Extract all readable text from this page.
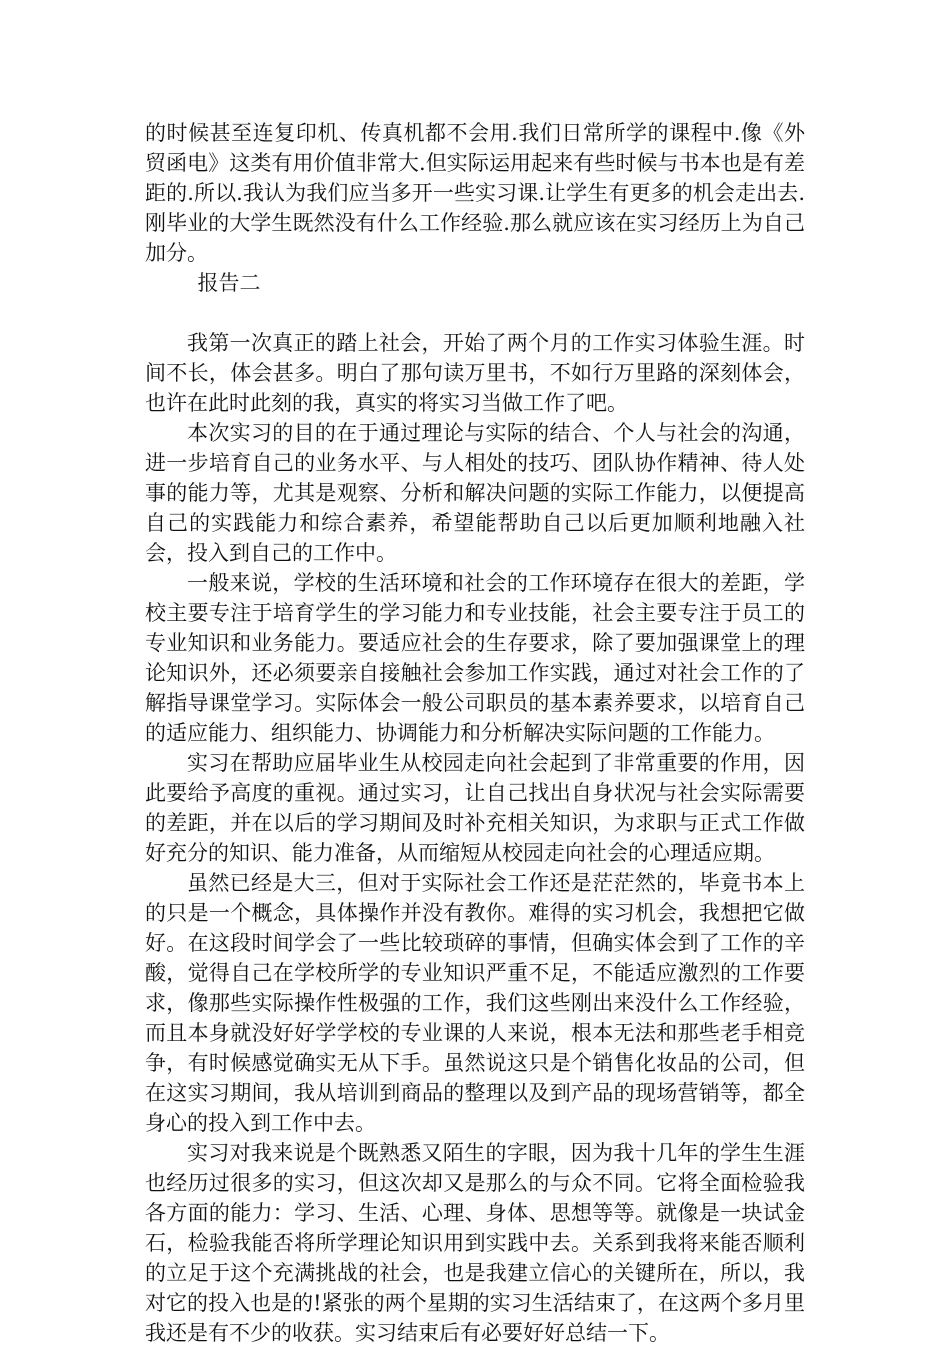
的时候甚至连复印机、传真机都不会用.我们日常所学的课程中.像《外贸函电》这类有用价值非常大.但实际运用起来有些时候与书本也是有差距的.所以.我认为我们应当多开一些实习课.让学生有更多的机会走出去.刚毕业的大学生既然没有什么工作经验.那么就应该在实习经历上为自己加分。

报告二

我第一次真正的踏上社会，开始了两个月的工作实习体验生涯。时间不长，体会甚多。明白了那句读万里书，不如行万里路的深刻体会，也许在此时此刻的我，真实的将实习当做工作了吧。

本次实习的目的在于通过理论与实际的结合、个人与社会的沟通，进一步培育自己的业务水平、与人相处的技巧、团队协作精神、待人处事的能力等，尤其是观察、分析和解决问题的实际工作能力，以便提高自己的实践能力和综合素养，希望能帮助自己以后更加顺利地融入社会，投入到自己的工作中。

一般来说，学校的生活环境和社会的工作环境存在很大的差距，学校主要专注于培育学生的学习能力和专业技能，社会主要专注于员工的专业知识和业务能力。要适应社会的生存要求，除了要加强课堂上的理论知识外，还必须要亲自接触社会参加工作实践，通过对社会工作的了解指导课堂学习。实际体会一般公司职员的基本素养要求，以培育自己的适应能力、组织能力、协调能力和分析解决实际问题的工作能力。

实习在帮助应届毕业生从校园走向社会起到了非常重要的作用，因此要给予高度的重视。通过实习，让自己找出自身状况与社会实际需要的差距，并在以后的学习期间及时补充相关知识，为求职与正式工作做好充分的知识、能力准备，从而缩短从校园走向社会的心理适应期。

虽然已经是大三，但对于实际社会工作还是茫茫然的，毕竟书本上的只是一个概念，具体操作并没有教你。难得的实习机会，我想把它做好。在这段时间学会了一些比较琐碎的事情，但确实体会到了工作的辛酸，觉得自己在学校所学的专业知识严重不足，不能适应激烈的工作要求，像那些实际操作性极强的工作，我们这些刚出来没什么工作经验，而且本身就没好好学学校的专业课的人来说，根本无法和那些老手相竞争，有时候感觉确实无从下手。虽然说这只是个销售化妆品的公司，但在这实习期间，我从培训到商品的整理以及到产品的现场营销等，都全身心的投入到工作中去。

实习对我来说是个既熟悉又陌生的字眼，因为我十几年的学生生涯也经历过很多的实习，但这次却又是那么的与众不同。它将全面检验我各方面的能力：学习、生活、心理、身体、思想等等。就像是一块试金石，检验我能否将所学理论知识用到实践中去。关系到我将来能否顺利的立足于这个充满挑战的社会，也是我建立信心的关键所在，所以，我对它的投入也是的!紧张的两个星期的实习生活结束了，在这两个多月里我还是有不少的收获。实习结束后有必要好好总结一下。
